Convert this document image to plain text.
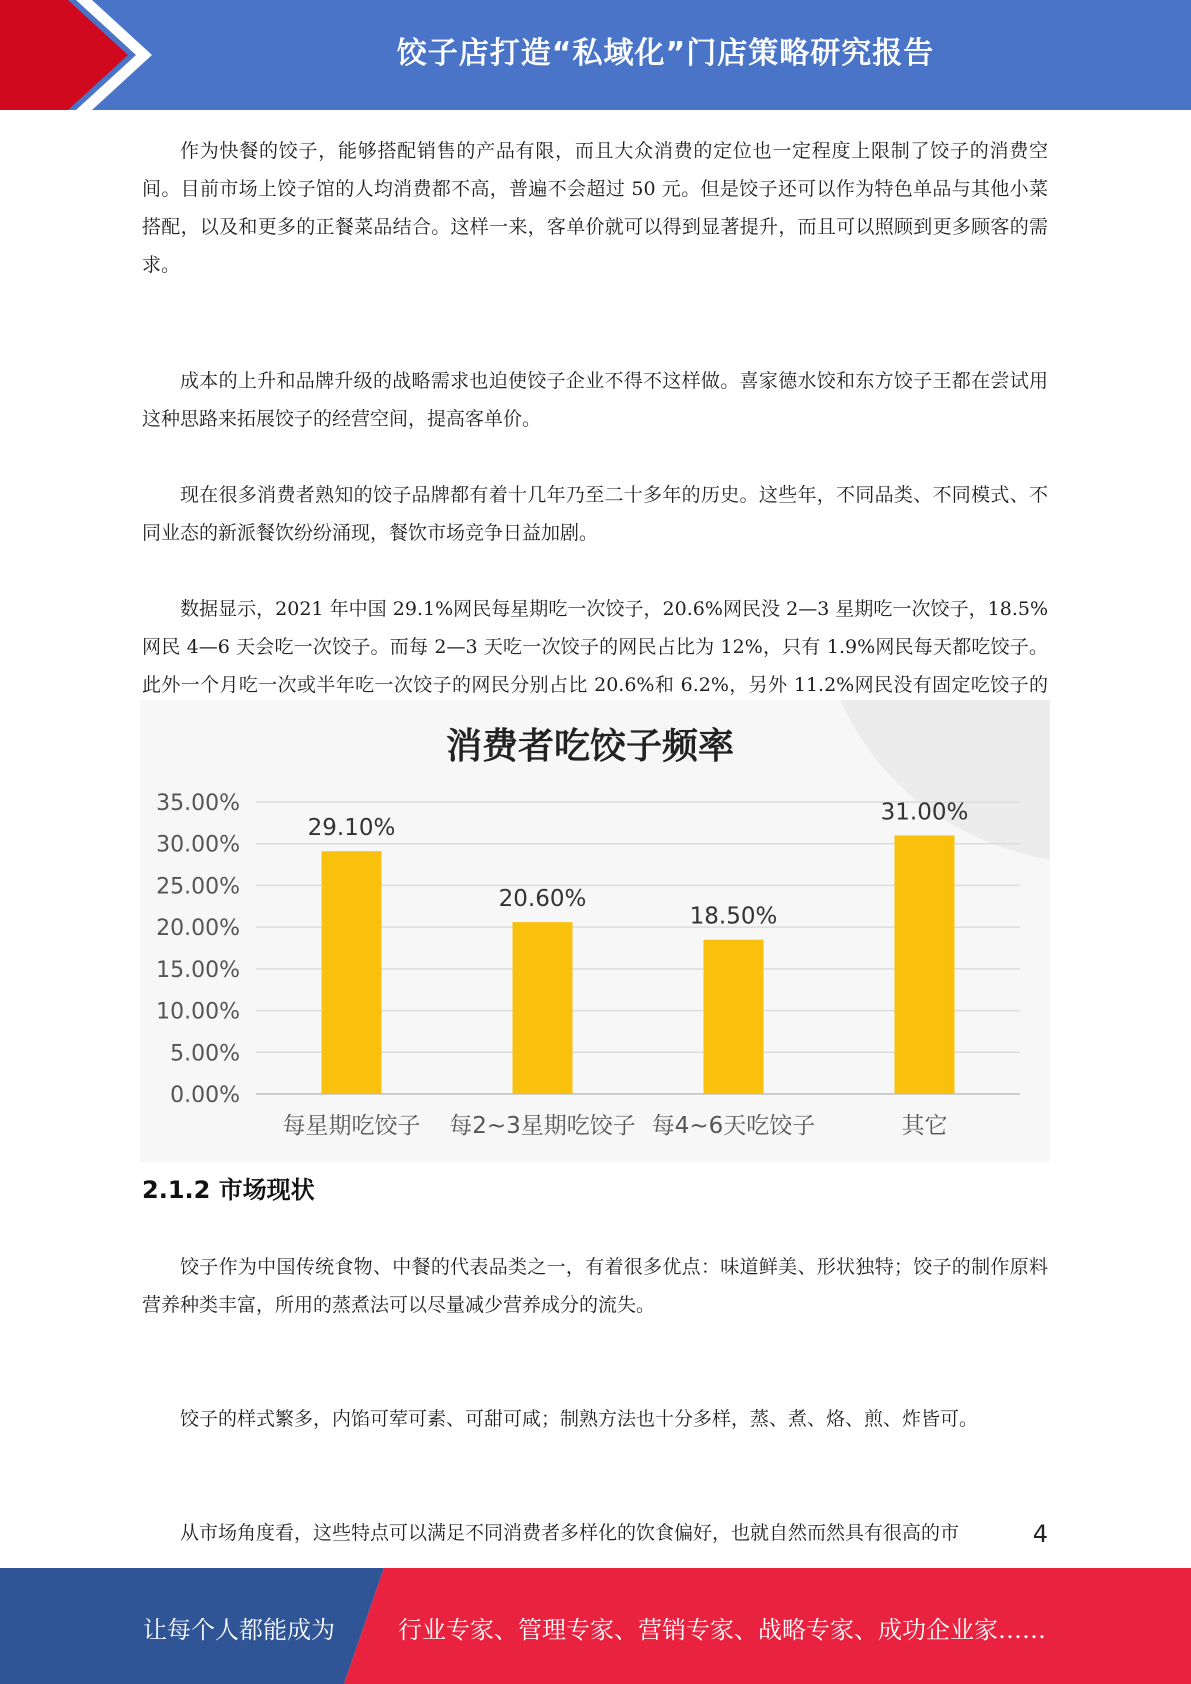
饺子店打造“私域化”门店策略研究报告

作为快餐的饺子，能够搭配销售的产品有限，而且大众消费的定位也一定程度上限制了饺子的消费空间。目前市场上饺子馆的人均消费都不高，普遍不会超过 50 元。但是饺子还可以作为特色单品与其他小菜搭配，以及和更多的正餐菜品结合。这样一来，客单价就可以得到显著提升，而且可以照顾到更多顾客的需求。

成本的上升和品牌升级的战略需求也迫使饺子企业不得不这样做。喜家德水饺和东方饺子王都在尝试用这种思路来拓展饺子的经营空间，提高客单价。

现在很多消费者熟知的饺子品牌都有着十几年乃至二十多年的历史。这些年，不同品类、不同模式、不同业态的新派餐饮纷纷涌现，餐饮市场竞争日益加剧。

数据显示，2021 年中国 29.1%网民每星期吃一次饺子，20.6%网民没 2—3 星期吃一次饺子，18.5%网民 4—6 天会吃一次饺子。而每 2—3 天吃一次饺子的网民占比为 12%，只有 1.9%网民每天都吃饺子。此外一个月吃一次或半年吃一次饺子的网民分别占比 20.6%和 6.2%，另外 11.2%网民没有固定吃饺子的

消费者吃饺子频率
0.00%
5.00%
10.00%
15.00%
20.00%
25.00%
30.00%
35.00%
29.10%
20.60%
18.50%
31.00%
每星期吃饺子 每2~3星期吃饺子 每4~6天吃饺子	其它
2.1.2 市场现状

饺子作为中国传统食物、中餐的代表品类之一，有着很多优点：味道鲜美、形状独特；饺子的制作原料营养种类丰富，所用的蒸煮法可以尽量减少营养成分的流失。

饺子的样式繁多，内馅可荤可素、可甜可咸；制熟方法也十分多样，蒸、煮、烙、煎、炸皆可。

从市场角度看，这些特点可以满足不同消费者多样化的饮食偏好，也就自然而然具有很高的市	4
让每个人都能成为	行业专家、管理专家、营销专家、战略专家、成功企业家……
